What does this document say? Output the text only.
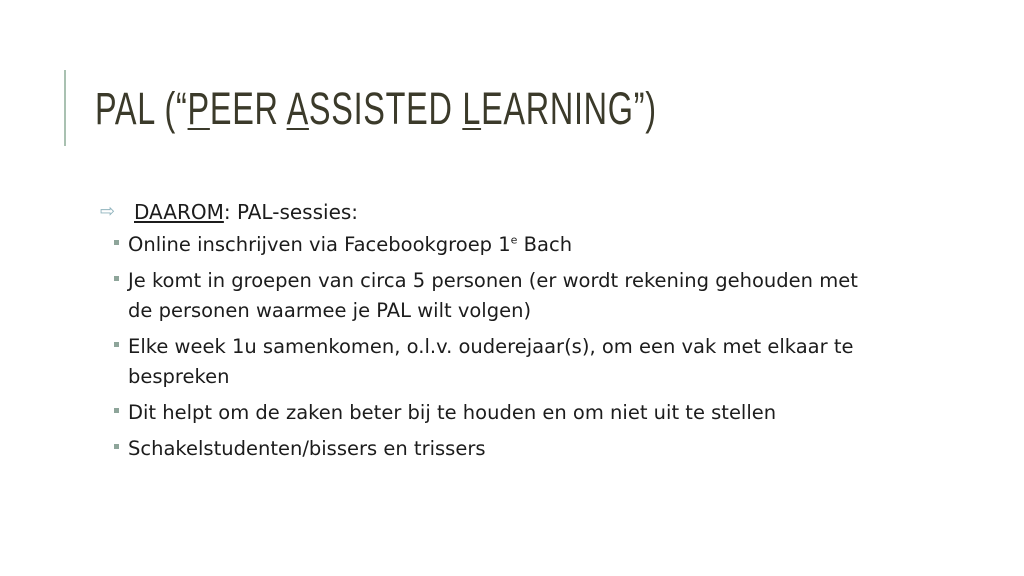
PAL (“PEER ASSISTED LEARNING”)
⇨ DAAROM: PAL-sessies:
Online inschrijven via Facebookgroep 1e Bach
Je komt in groepen van circa 5 personen (er wordt rekening gehouden met de personen waarmee je PAL wilt volgen)
Elke week 1u samenkomen, o.l.v. ouderejaar(s), om een vak met elkaar te bespreken
Dit helpt om de zaken beter bij te houden en om niet uit te stellen
Schakelstudenten/bissers en trissers
